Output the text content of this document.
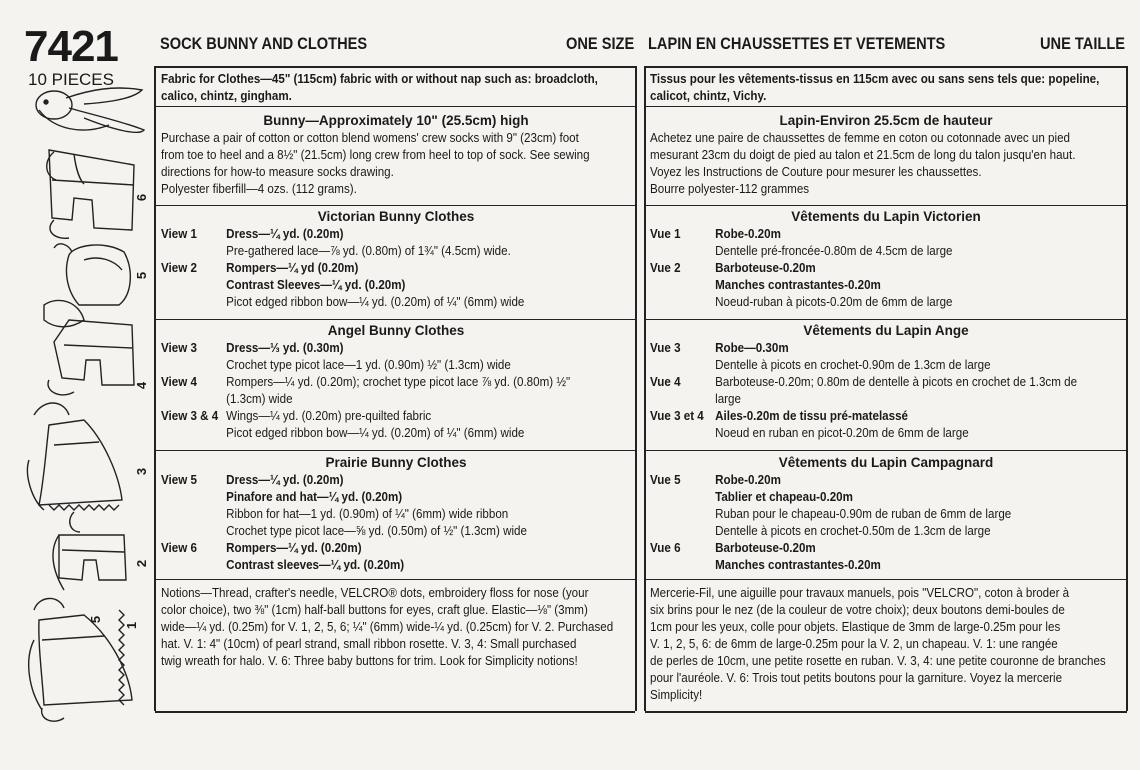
7421
10 PIECES
SOCK BUNNY AND CLOTHES	ONE SIZE LAPIN EN CHAUSSETTES ET VETEMENTS	UNE TAILLE
Fabric for Clothes—45" (115cm) fabric with or without nap such as: broadcloth,
calico, chintz, gingham.
Bunny—Approximately 10" (25.5cm) high
Purchase a pair of cotton or cotton blend womens' crew socks with 9" (23cm) foot
from toe to heel and a 8½" (21.5cm) long crew from heel to top of sock. See sewing
directions for how-to measure socks drawing.
Polyester fiberfill—4 ozs. (112 grams).
Victorian Bunny Clothes
View 1 Dress—¼ yd. (0.20m)
Pre-gathered lace—⅞ yd. (0.80m) of 1¾" (4.5cm) wide.
View 2 Rompers—¼ yd (0.20m)
Contrast Sleeves—¼ yd. (0.20m)
Picot edged ribbon bow—¼ yd. (0.20m) of ¼" (6mm) wide
Angel Bunny Clothes
View 3 Dress—⅓ yd. (0.30m)
Crochet type picot lace—1 yd. (0.90m) ½" (1.3cm) wide
View 4 Rompers—¼ yd. (0.20m); crochet type picot lace ⅞ yd. (0.80m) ½"
(1.3cm) wide
View 3 & 4 Wings—¼ yd. (0.20m) pre-quilted fabric
Picot edged ribbon bow—¼ yd. (0.20m) of ¼" (6mm) wide
Prairie Bunny Clothes
View 5 Dress—¼ yd. (0.20m)
Pinafore and hat—¼ yd. (0.20m)
Ribbon for hat—1 yd. (0.90m) of ¼" (6mm) wide ribbon
Crochet type picot lace—⅝ yd. (0.50m) of ½" (1.3cm) wide
View 6 Rompers—¼ yd. (0.20m)
Contrast sleeves—¼ yd. (0.20m)
Notions—Thread, crafter's needle, VELCRO® dots, embroidery floss for nose (your
color choice), two ⅜" (1cm) half-ball buttons for eyes, craft glue. Elastic—⅛" (3mm)
wide—¼ yd. (0.25m) for V. 1, 2, 5, 6; ¼" (6mm) wide-¼ yd. (0.25cm) for V. 2. Purchased
hat. V. 1: 4" (10cm) of pearl strand, small ribbon rosette. V. 3, 4: Small purchased
twig wreath for halo. V. 6: Three baby buttons for trim. Look for Simplicity notions!
Tissus pour les vêtements-tissus en 115cm avec ou sans sens tels que: popeline,
calicot, chintz, Vichy.
Lapin-Environ 25.5cm de hauteur
Achetez une paire de chaussettes de femme en coton ou cotonnade avec un pied
mesurant 23cm du doigt de pied au talon et 21.5cm de long du talon jusqu'en haut.
Voyez les Instructions de Couture pour mesurer les chaussettes.
Bourre polyester-112 grammes
Vêtements du Lapin Victorien
Vue 1	Robe-0.20m
Dentelle pré-froncée-0.80m de 4.5cm de large
Vue 2	Barboteuse-0.20m
Manches contrastantes-0.20m
Noeud-ruban à picots-0.20m de 6mm de large
Vêtements du Lapin Ange
Vue 3	Robe—0.30m
Dentelle à picots en crochet-0.90m de 1.3cm de large
Vue 4	Barboteuse-0.20m; 0.80m de dentelle à picots en crochet de 1.3cm de
large
Vue 3 et 4 Ailes-0.20m de tissu pré-matelassé
Noeud en ruban en picot-0.20m de 6mm de large
Vêtements du Lapin Campagnard
Vue 5	Robe-0.20m
Tablier et chapeau-0.20m
Ruban pour le chapeau-0.90m de ruban de 6mm de large
Dentelle à picots en crochet-0.50m de 1.3cm de large
Vue 6	Barboteuse-0.20m
Manches contrastantes-0.20m
Mercerie-Fil, une aiguille pour travaux manuels, pois "VELCRO", coton à broder à
six brins pour le nez (de la couleur de votre choix); deux boutons demi-boules de
1cm pour les yeux, colle pour objets. Elastique de 3mm de large-0.25m pour les
V. 1, 2, 5, 6: de 6mm de large-0.25m pour la V. 2, un chapeau. V. 1: une rangée
de perles de 10cm, une petite rosette en ruban. V. 3, 4: une petite couronne de branches
pour l'auréole. V. 6: Trois tout petits boutons pour la garniture. Voyez la mercerie
Simplicity!
6
5
4
3
2
1
5
